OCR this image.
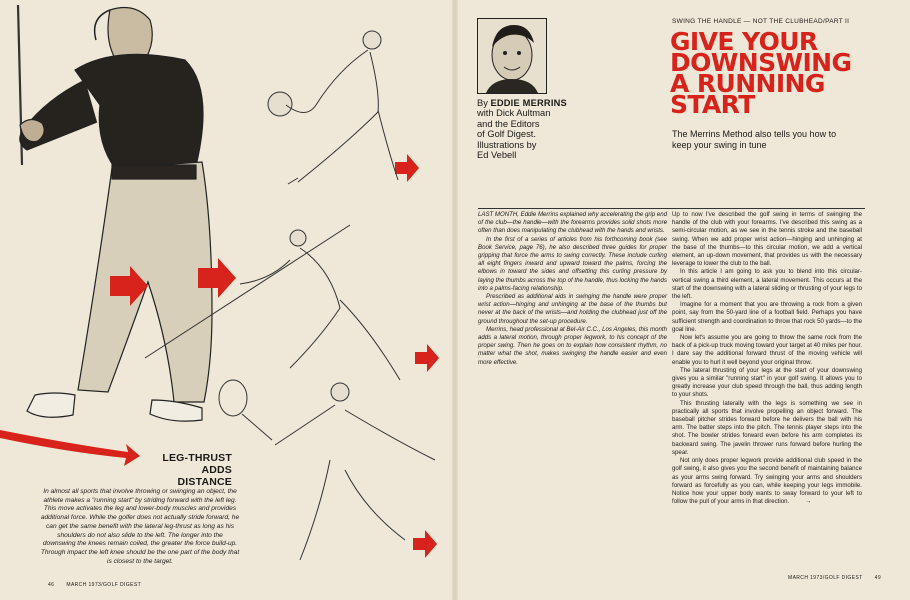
LEG-THRUST
ADDS
DISTANCE
In almost all sports that involve throwing or swinging an object, the athlete makes a "running start" by striding forward with the left leg. This move activates the leg and lower-body muscles and provides additional force. While the golfer does not actually stride forward, he can get the same benefit with the lateral leg-thrust as long as his shoulders do not also slide to the left. The longer into the downswing the knees remain coiled, the greater the force build-up. Through impact the left knee should be the one part of the body that is closest to the target.
46 MARCH 1973/GOLF DIGEST
By EDDIE MERRINS
with Dick Aultman
and the Editors
of Golf Digest.
Illustrations by
Ed Vebell
SWING THE HANDLE — NOT THE CLUBHEAD/PART II
GIVE YOUR
DOWNSWING
A RUNNING
START
The Merrins Method also tells you how to keep your swing in tune

LAST MONTH, Eddie Merrins explained why accelerating the grip end of the club—the handle—with the forearms provides solid shots more often than does manipulating the clubhead with the hands and wrists.

In the first of a series of articles from his forthcoming book (see Book Service, page 76), he also described three guides for proper gripping that force the arms to swing correctly. These include curling all eight fingers inward and upward toward the palms, forcing the elbows in toward the sides and offsetting this curling pressure by laying the thumbs across the top of the handle, thus locking the hands into a palms-facing relationship.

Prescribed as additional aids in swinging the handle were proper wrist action—hinging and unhinging at the base of the thumbs but never at the back of the wrists—and holding the clubhead just off the ground throughout the set-up procedure.

Merrins, head professional at Bel-Air C.C., Los Angeles, this month adds a lateral motion, through proper legwork, to his concept of the proper swing. Then he goes on to explain how consistent rhythm, no matter what the shot, makes swinging the handle easier and even more effective.

Up to now I've described the golf swing in terms of swinging the handle of the club with your forearms. I've described this swing as a semi-circular motion, as we see in the tennis stroke and the baseball swing. When we add proper wrist action—hinging and unhinging at the base of the thumbs—to this circular motion, we add a vertical element, an up-down movement, that provides us with the necessary leverage to lower the club to the ball.

In this article I am going to ask you to blend into this circular-vertical swing a third element, a lateral movement. This occurs at the start of the downswing with a lateral sliding or thrusting of your legs to the left.

Imagine for a moment that you are throwing a rock from a given point, say from the 50-yard line of a football field. Perhaps you have sufficient strength and coordination to throw that rock 50 yards—to the goal line.

Now let's assume you are going to throw the same rock from the back of a pick-up truck moving toward your target at 40 miles per hour. I dare say the additional forward thrust of the moving vehicle will enable you to hurl it well beyond your original throw.

The lateral thrusting of your legs at the start of your downswing gives you a similar "running start" in your golf swing. It allows you to greatly increase your club speed through the ball, thus adding length to your shots.

This thrusting laterally with the legs is something we see in practically all sports that involve propelling an object forward. The baseball pitcher strides forward before he delivers the ball with his arm. The batter steps into the pitch. The tennis player steps into the shot. The bowler strides forward even before his arm completes its backward swing. The javelin thrower runs forward before hurling the spear.

Not only does proper legwork provide additional club speed in the golf swing, it also gives you the second benefit of maintaining balance as your arms swing forward. Try swinging your arms and shoulders forward as forcefully as you can, while keeping your legs immobile. Notice how your upper body wants to sway forward to your left to follow the pull of your arms in that direction.	→

MARCH 1973/GOLF DIGEST 49
